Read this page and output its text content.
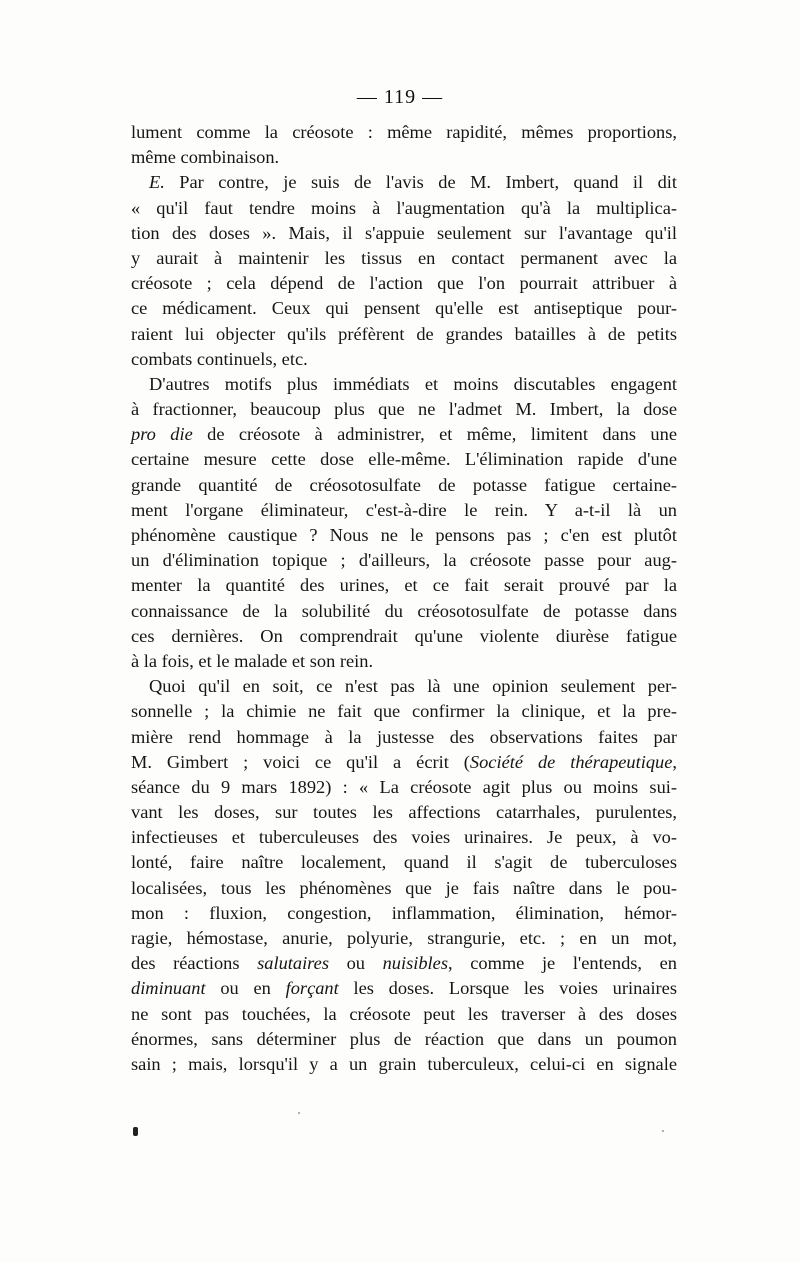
— 119 —
lument comme la créosote : même rapidité, mêmes proportions,
même combinaison.
E. Par contre, je suis de l'avis de M. Imbert, quand il dit
« qu'il faut tendre moins à l'augmentation qu'à la multiplica-
tion des doses ». Mais, il s'appuie seulement sur l'avantage qu'il
y aurait à maintenir les tissus en contact permanent avec la
créosote ; cela dépend de l'action que l'on pourrait attribuer à
ce médicament. Ceux qui pensent qu'elle est antiseptique pour-
raient lui objecter qu'ils préfèrent de grandes batailles à de petits
combats continuels, etc.
D'autres motifs plus immédiats et moins discutables engagent
à fractionner, beaucoup plus que ne l'admet M. Imbert, la dose
pro die de créosote à administrer, et même, limitent dans une
certaine mesure cette dose elle-même. L'élimination rapide d'une
grande quantité de créosotosulfate de potasse fatigue certaine-
ment l'organe éliminateur, c'est-à-dire le rein. Y a-t-il là un
phénomène caustique ? Nous ne le pensons pas ; c'en est plutôt
un d'élimination topique ; d'ailleurs, la créosote passe pour aug-
menter la quantité des urines, et ce fait serait prouvé par la
connaissance de la solubilité du créosotosulfate de potasse dans
ces dernières. On comprendrait qu'une violente diurèse fatigue
à la fois, et le malade et son rein.
Quoi qu'il en soit, ce n'est pas là une opinion seulement per-
sonnelle ; la chimie ne fait que confirmer la clinique, et la pre-
mière rend hommage à la justesse des observations faites par
M. Gimbert ; voici ce qu'il a écrit (Société de thérapeutique,
séance du 9 mars 1892) : « La créosote agit plus ou moins sui-
vant les doses, sur toutes les affections catarrhales, purulentes,
infectieuses et tuberculeuses des voies urinaires. Je peux, à vo-
lonté, faire naître localement, quand il s'agit de tuberculoses
localisées, tous les phénomènes que je fais naître dans le pou-
mon : fluxion, congestion, inflammation, élimination, hémor-
ragie, hémostase, anurie, polyurie, strangurie, etc. ; en un mot,
des réactions salutaires ou nuisibles, comme je l'entends, en
diminuant ou en forçant les doses. Lorsque les voies urinaires
ne sont pas touchées, la créosote peut les traverser à des doses
énormes, sans déterminer plus de réaction que dans un poumon
sain ; mais, lorsqu'il y a un grain tuberculeux, celui-ci en signale
